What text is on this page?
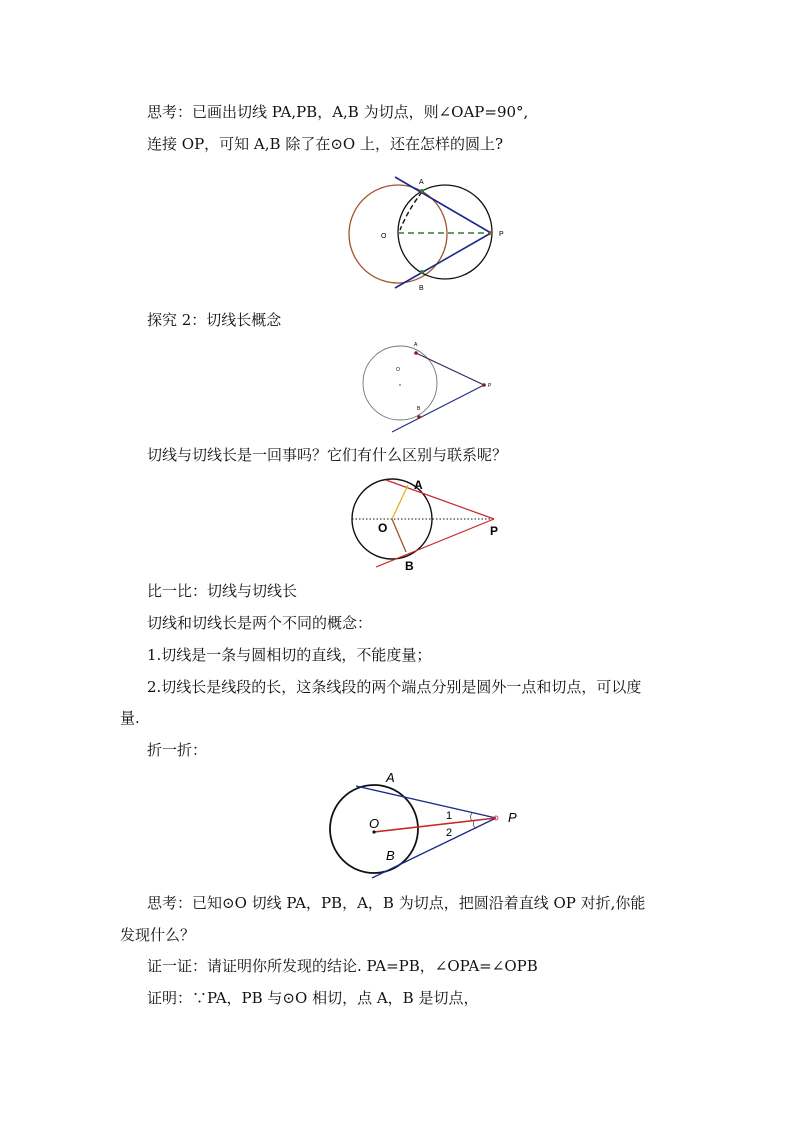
思考：已画出切线 PA,PB，A,B 为切点，则∠OAP=90°,
连接 OP，可知 A,B 除了在⊙O 上，还在怎样的圆上?
A
O	P
B
探究 2：切线长概念
A
O
P
B
切线与切线长是一回事吗？它们有什么区别与联系呢？
A
O	P
B
比一比：切线与切线长
切线和切线长是两个不同的概念：
1.切线是一条与圆相切的直线，不能度量；
2.切线长是线段的长，这条线段的两个端点分别是圆外一点和切点，可以度
量.
折一折：
A
O	P
B
1
2
思考：已知⊙O 切线 PA，PB，A，B 为切点，把圆沿着直线 OP 对折,你能
发现什么？
证一证：请证明你所发现的结论. PA=PB，∠OPA=∠OPB
证明：∵PA，PB 与⊙O 相切，点 A，B 是切点，
